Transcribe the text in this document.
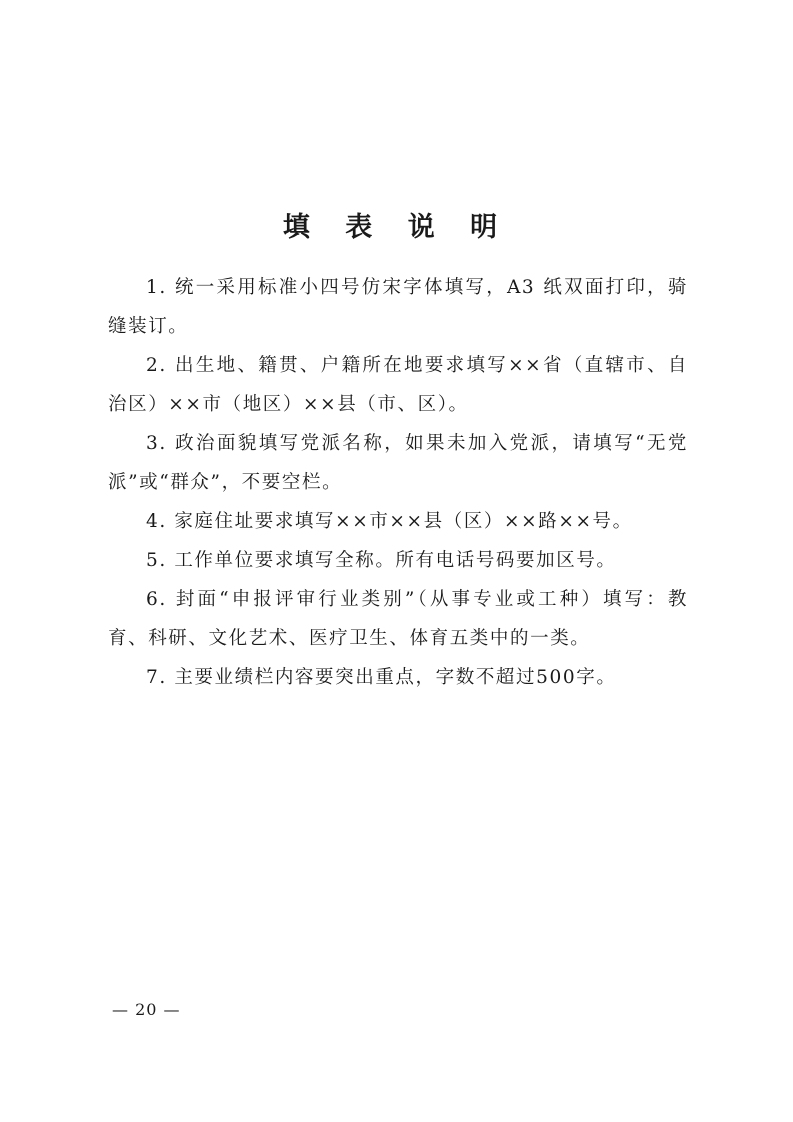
填 表 说 明

1. 统一采用标准小四号仿宋字体填写，A3 纸双面打印，骑缝装订。

2. 出生地、籍贯、户籍所在地要求填写××省（直辖市、自治区）××市（地区）××县（市、区）。

3. 政治面貌填写党派名称，如果未加入党派，请填写“无党派”或“群众”，不要空栏。

4. 家庭住址要求填写××市××县（区）××路××号。

5. 工作单位要求填写全称。所有电话号码要加区号。

6. 封面“申报评审行业类别”（从事专业或工种）填写：教育、科研、文化艺术、医疗卫生、体育五类中的一类。

7. 主要业绩栏内容要突出重点，字数不超过500字。

— 20 —
